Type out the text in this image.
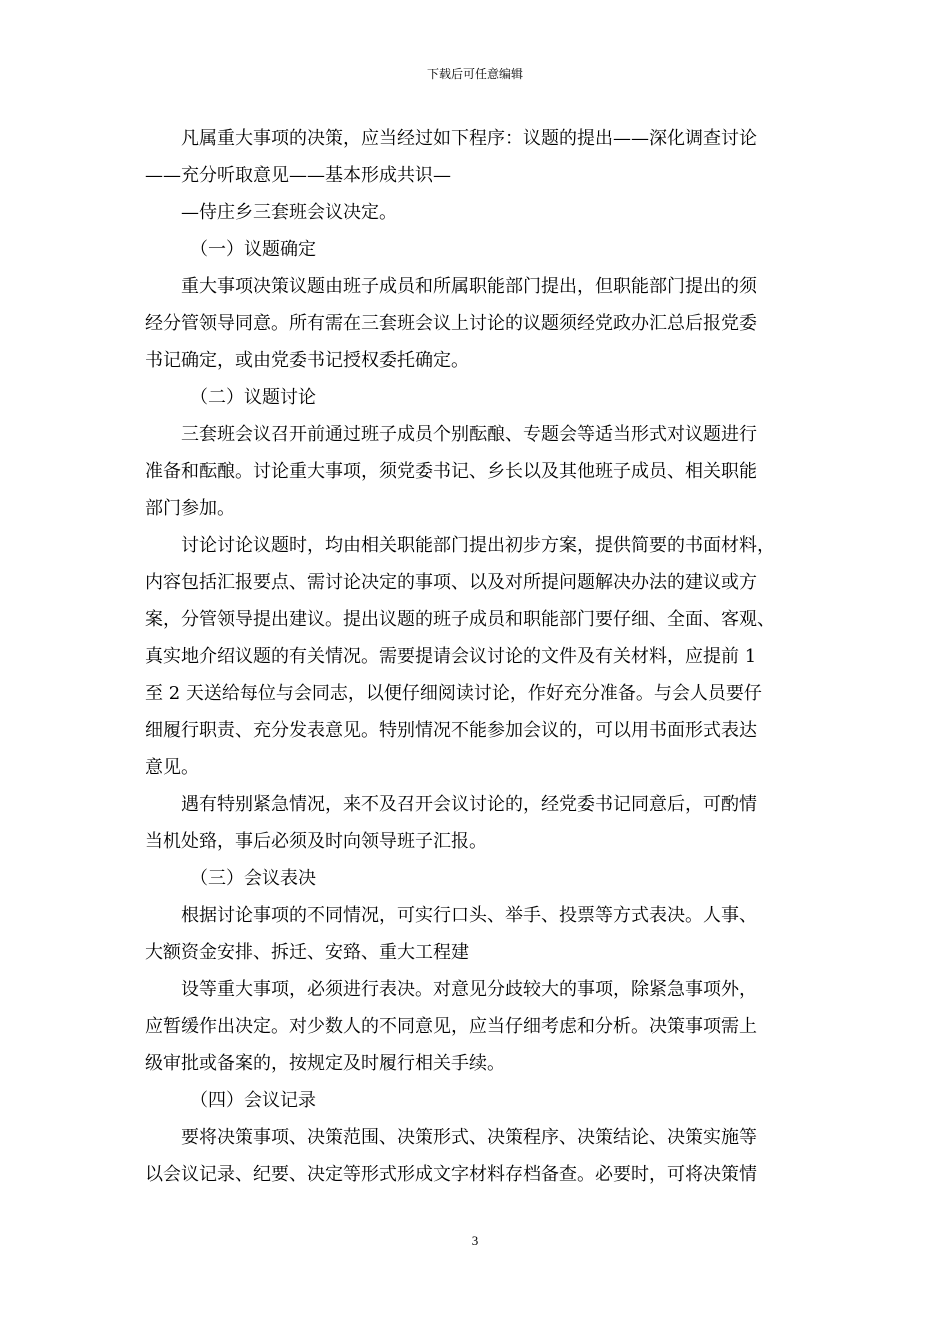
下载后可任意编辑
凡属重大事项的决策，应当经过如下程序：议题的提出——深化调查讨论
——充分听取意见——基本形成共识—
—侍庄乡三套班会议决定。
（一）议题确定
重大事项决策议题由班子成员和所属职能部门提出，但职能部门提出的须
经分管领导同意。所有需在三套班会议上讨论的议题须经党政办汇总后报党委
书记确定，或由党委书记授权委托确定。
（二）议题讨论
三套班会议召开前通过班子成员个别酝酿、专题会等适当形式对议题进行
准备和酝酿。讨论重大事项，须党委书记、乡长以及其他班子成员、相关职能
部门参加。
讨论讨论议题时，均由相关职能部门提出初步方案，提供简要的书面材料，
内容包括汇报要点、需讨论决定的事项、以及对所提问题解决办法的建议或方
案，分管领导提出建议。提出议题的班子成员和职能部门要仔细、全面、客观、
真实地介绍议题的有关情况。需要提请会议讨论的文件及有关材料，应提前 1
至 2 天送给每位与会同志，以便仔细阅读讨论，作好充分准备。与会人员要仔
细履行职责、充分发表意见。特别情况不能参加会议的，可以用书面形式表达
意见。
遇有特别紧急情况，来不及召开会议讨论的，经党委书记同意后，可酌情
当机处臵，事后必须及时向领导班子汇报。
（三）会议表决
根据讨论事项的不同情况，可实行口头、举手、投票等方式表决。人事、
大额资金安排、拆迁、安臵、重大工程建
设等重大事项，必须进行表决。对意见分歧较大的事项，除紧急事项外，
应暂缓作出决定。对少数人的不同意见，应当仔细考虑和分析。决策事项需上
级审批或备案的，按规定及时履行相关手续。
（四）会议记录
要将决策事项、决策范围、决策形式、决策程序、决策结论、决策实施等
以会议记录、纪要、决定等形式形成文字材料存档备查。必要时，可将决策情
3
